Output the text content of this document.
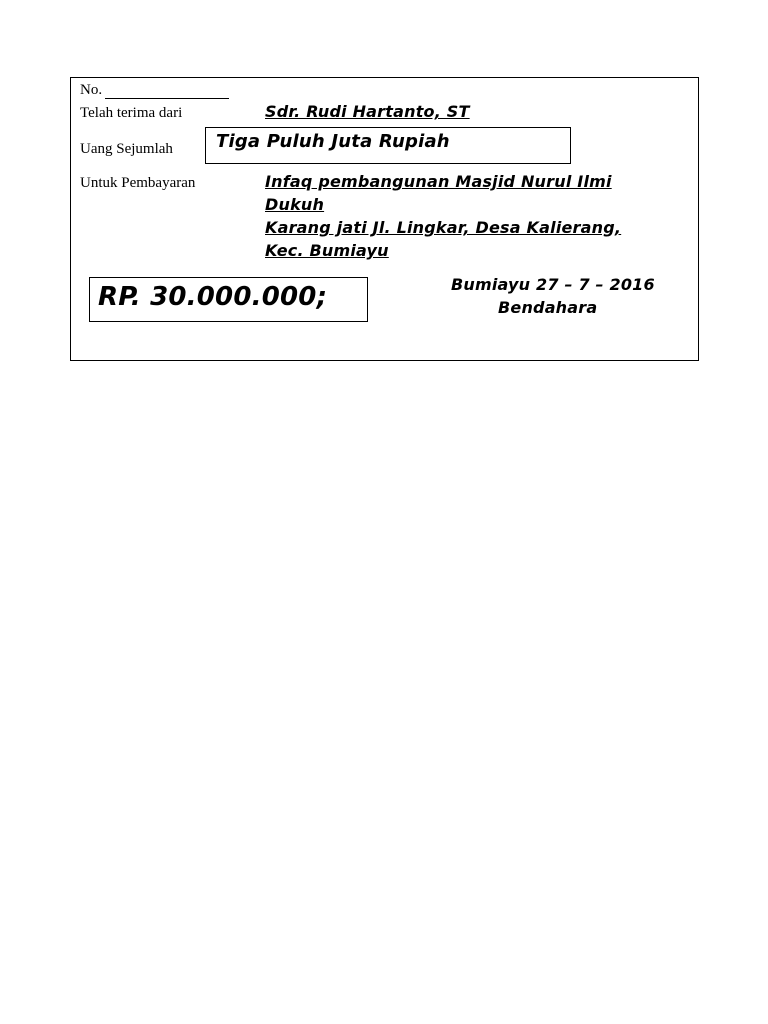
No.
Telah terima dari	Sdr. Rudi Hartanto, ST
Uang Sejumlah Tiga Puluh Juta Rupiah
Untuk Pembayaran	Infaq pembangunan Masjid Nurul Ilmi
Dukuh
Karang jati Jl. Lingkar, Desa Kalierang,
Kec. Bumiayu
RP. 30.000.000;	Bumiayu 27 – 7 – 2016
Bendahara
